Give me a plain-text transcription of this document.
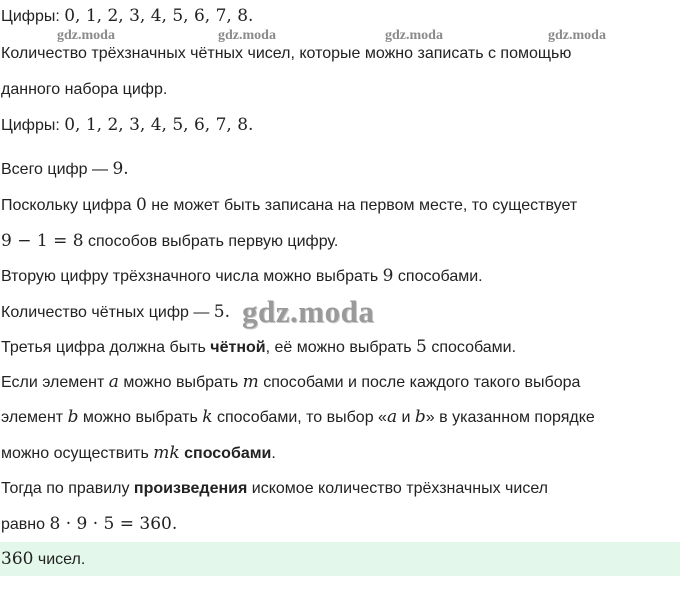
Цифры: 0, 1, 2, 3, 4, 5, 6, 7, 8.
gdz.moda	gdz.moda	gdz.moda	gdz.moda
Количество трёхзначных чётных чисел, которые можно записать с помощью
данного набора цифр.
Цифры: 0, 1, 2, 3, 4, 5, 6, 7, 8.
Всего цифр — 9.
Поскольку цифра 0 не может быть записана на первом месте, то существует
9 − 1 = 8 способов выбрать первую цифру.
Вторую цифру трёхзначного числа можно выбрать 9 способами.
Количество чётных цифр — 5. gdz.moda
Третья цифра должна быть чётной, её можно выбрать 5 способами.
Если элемент a можно выбрать m способами и после каждого такого выбора
элемент b можно выбрать k способами, то выбор «a и b» в указанном порядке
можно осуществить mk способами.
Тогда по правилу произведения искомое количество трёхзначных чисел
равно 8 · 9 · 5 = 360.
360 чисел.
